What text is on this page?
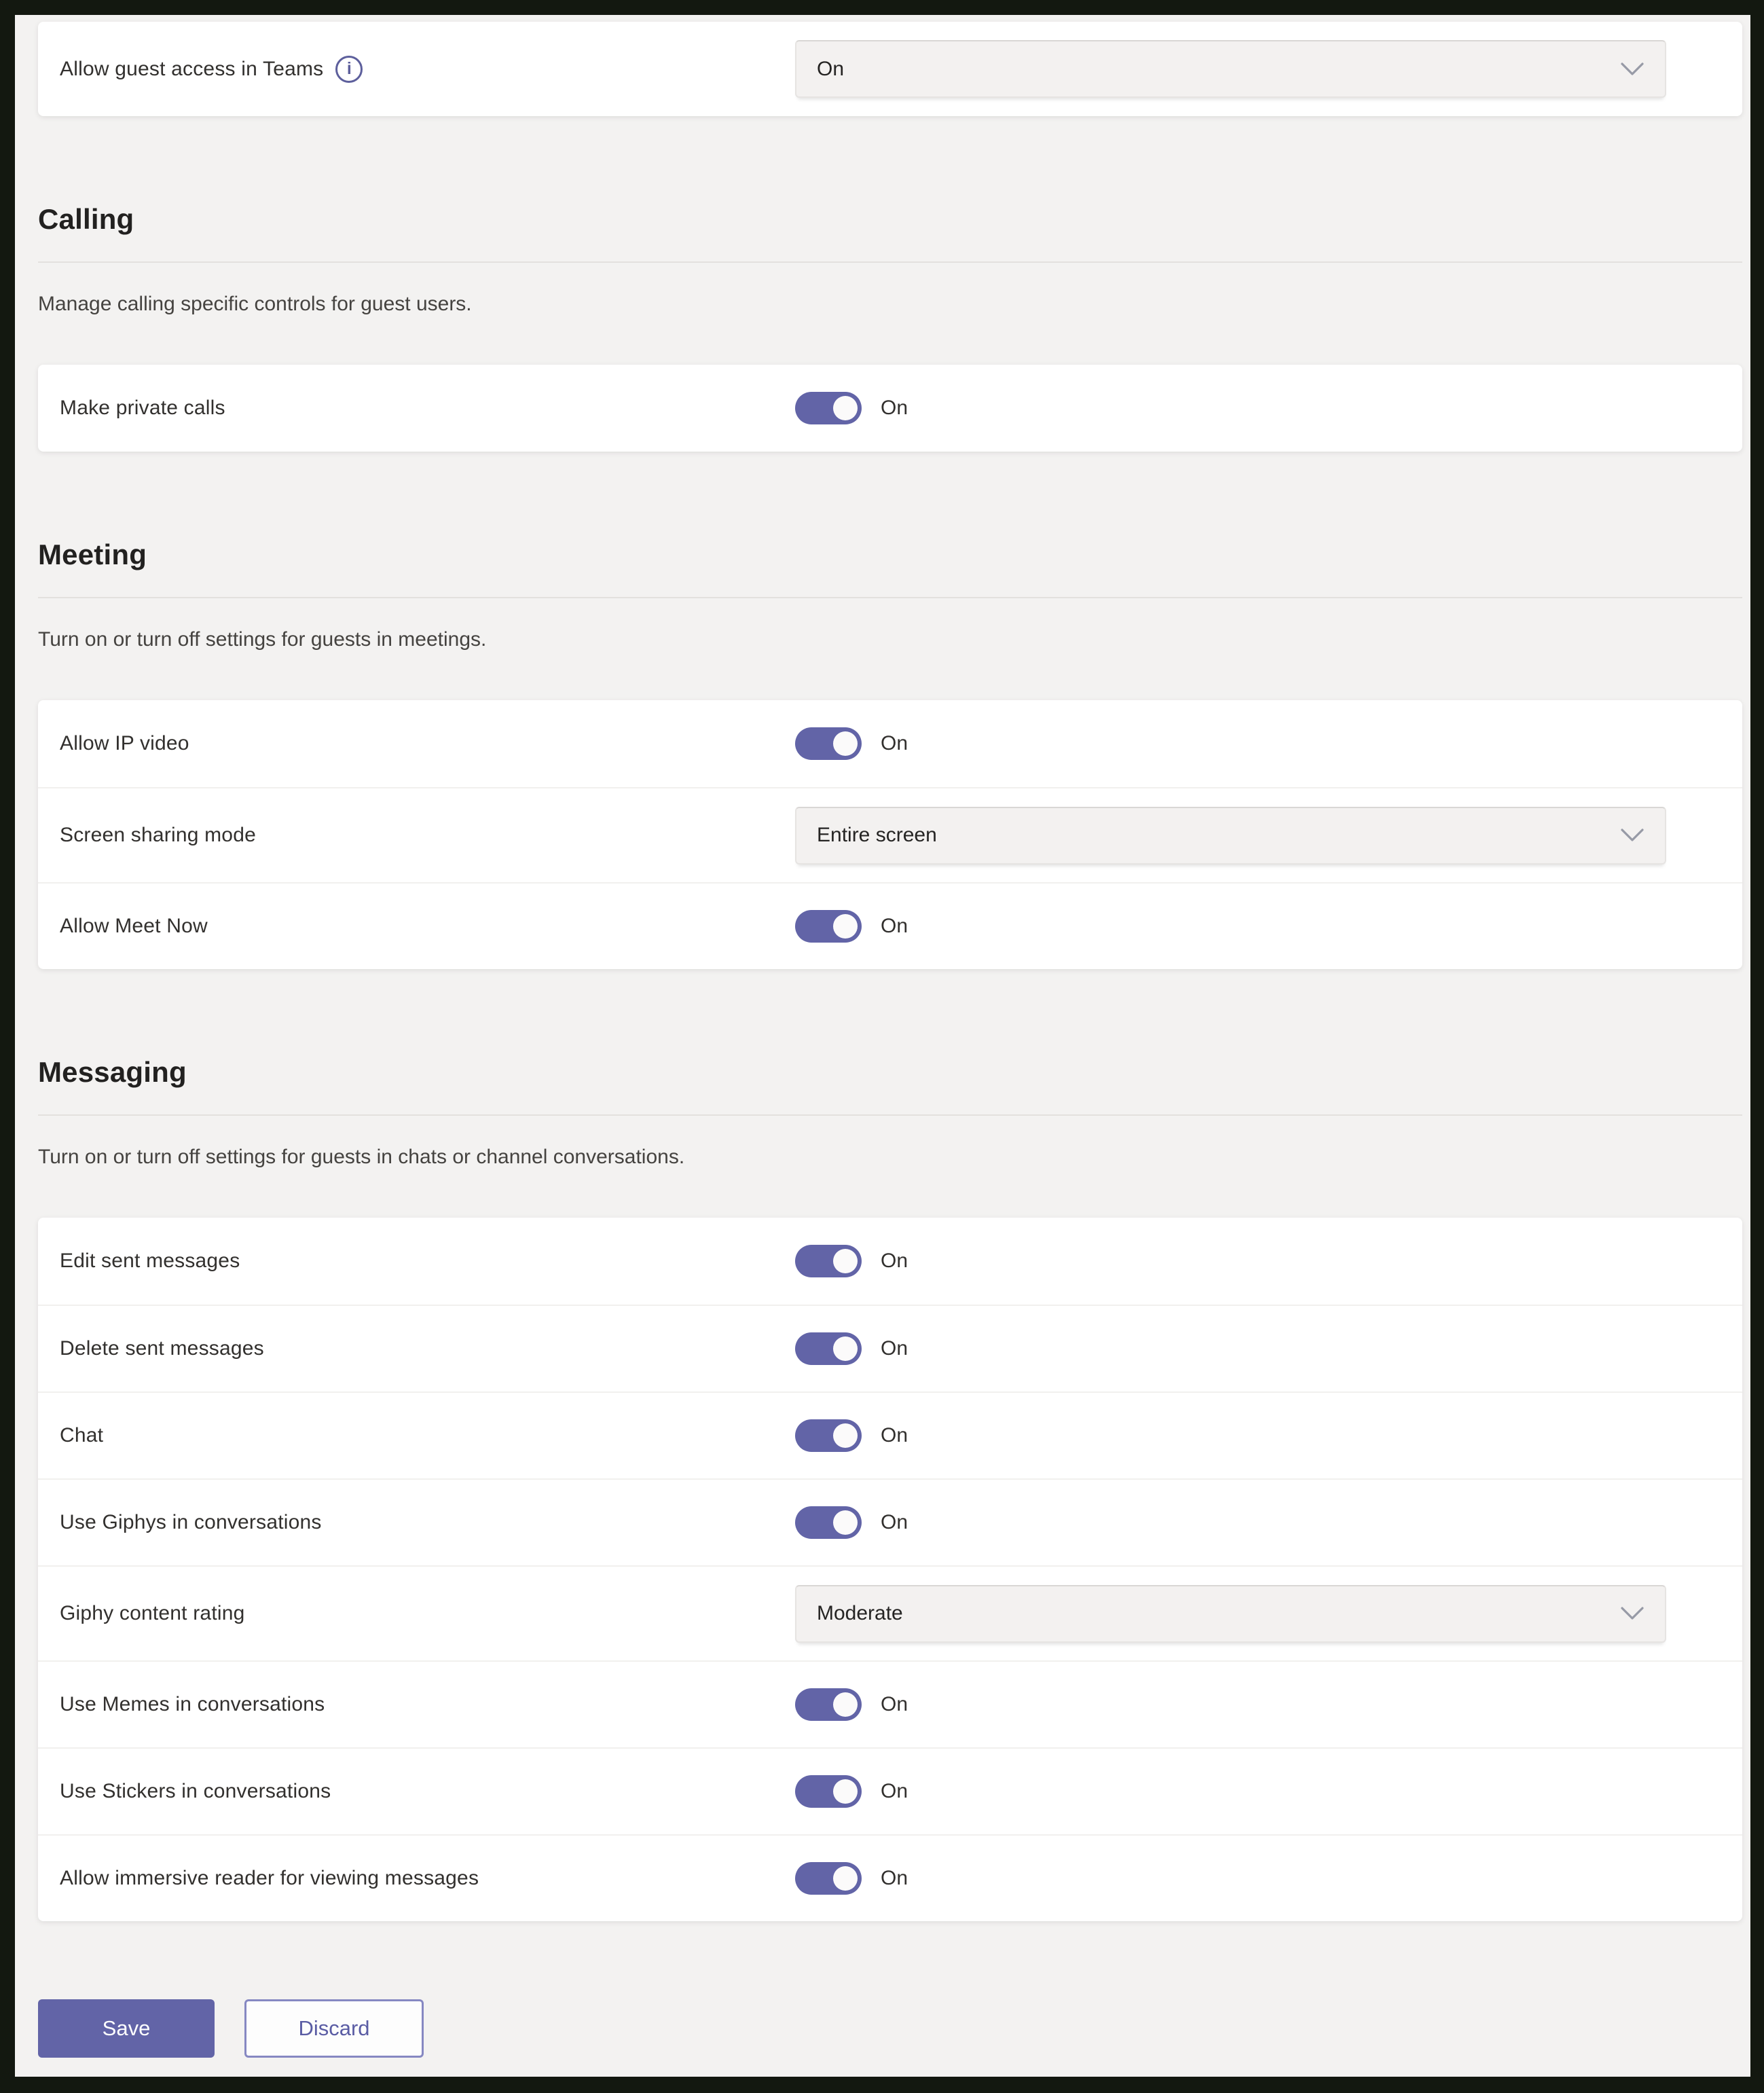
Allow guest access in Teams	i	On
Calling

Manage calling specific controls for guest users.

Make private calls	On
Meeting

Turn on or turn off settings for guests in meetings.

Allow IP video	On
Screen sharing mode	Entire screen
Allow Meet Now	On
Messaging

Turn on or turn off settings for guests in chats or channel conversations.

Edit sent messages	On
Delete sent messages	On
Chat	On
Use Giphys in conversations	On
Giphy content rating	Moderate
Use Memes in conversations	On
Use Stickers in conversations	On
Allow immersive reader for viewing messages	On
Save	Discard
